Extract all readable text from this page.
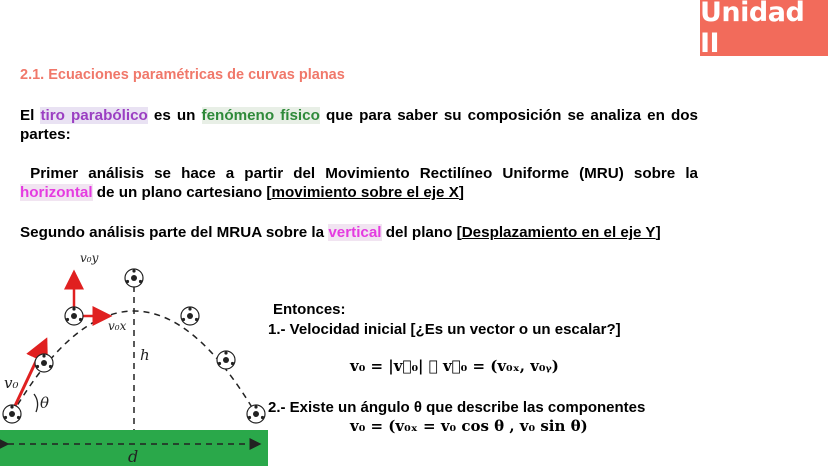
Unidad II
2.1. Ecuaciones paramétricas de curvas planas
El tiro parabólico es un fenómeno físico que para saber su composición se analiza en dos partes:
Primer análisis se hace a partir del Movimiento Rectilíneo Uniforme (MRU) sobre la horizontal de un plano cartesiano [movimiento sobre el eje X]
Segundo análisis parte del MRUA sobre la vertical del plano [Desplazamiento en el eje Y]
v₀y
v₀x
h
v₀
θ
d
Entonces:
1.- Velocidad inicial [¿Es un vector o un escalar?]
v₀ = |v⃗₀| ∴ v⃗₀ = (v₀ₓ, v₀ᵧ)
2.- Existe un ángulo θ que describe las componentes
v₀ = (v₀ₓ = v₀ cos θ , v₀ sin θ)
